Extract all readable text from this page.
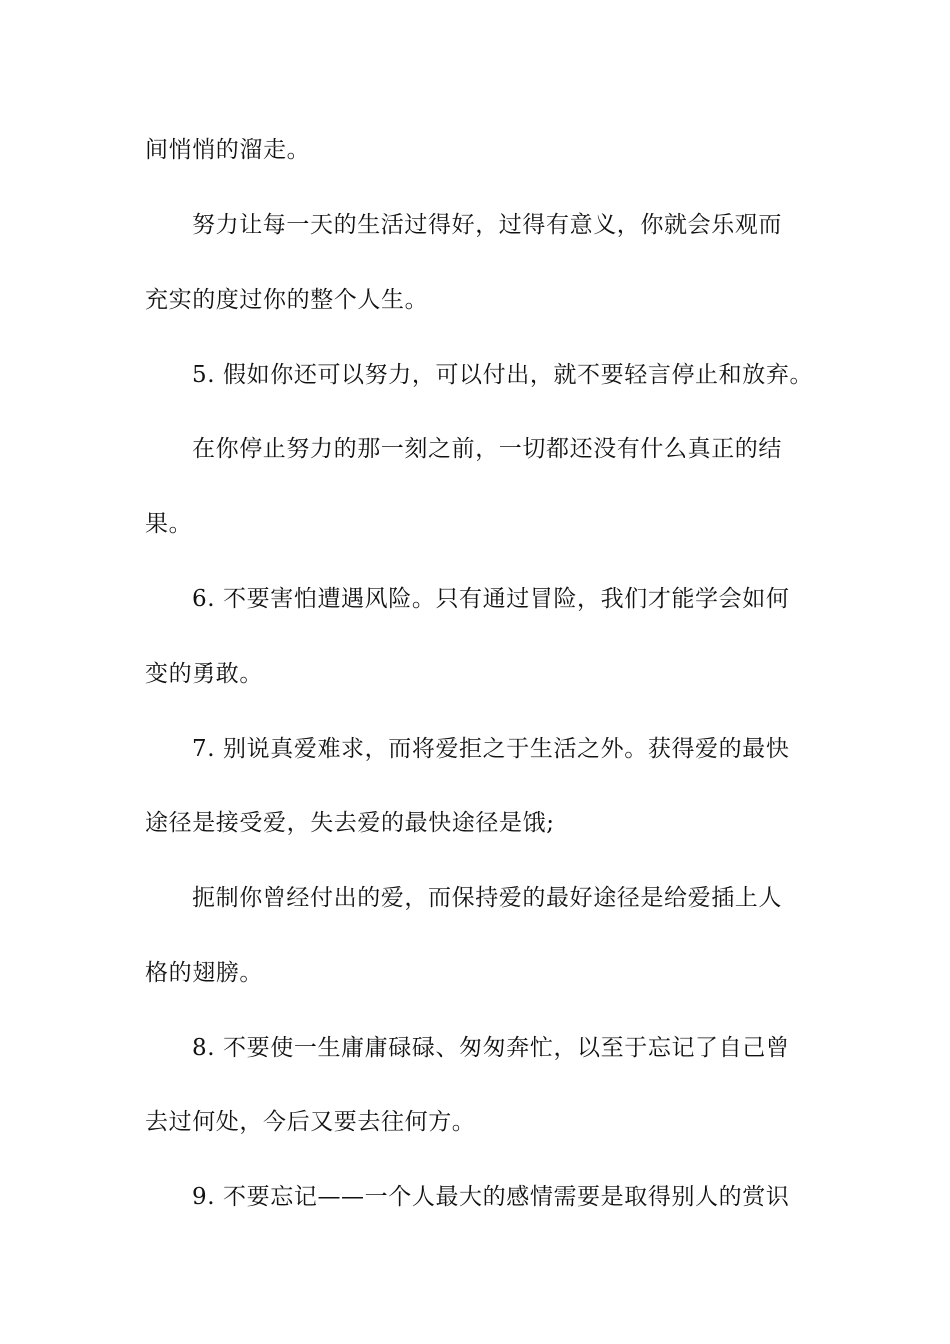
间悄悄的溜走。
努力让每一天的生活过得好，过得有意义，你就会乐观而
充实的度过你的整个人生。
5. 假如你还可以努力，可以付出，就不要轻言停止和放弃。
在你停止努力的那一刻之前，一切都还没有什么真正的结
果。
6. 不要害怕遭遇风险。只有通过冒险，我们才能学会如何
变的勇敢。
7. 别说真爱难求，而将爱拒之于生活之外。获得爱的最快
途径是接受爱，失去爱的最快途径是饿;
扼制你曾经付出的爱，而保持爱的最好途径是给爱插上人
格的翅膀。
8. 不要使一生庸庸碌碌、匆匆奔忙，以至于忘记了自己曾
去过何处，今后又要去往何方。
9. 不要忘记——一个人最大的感情需要是取得别人的赏识
